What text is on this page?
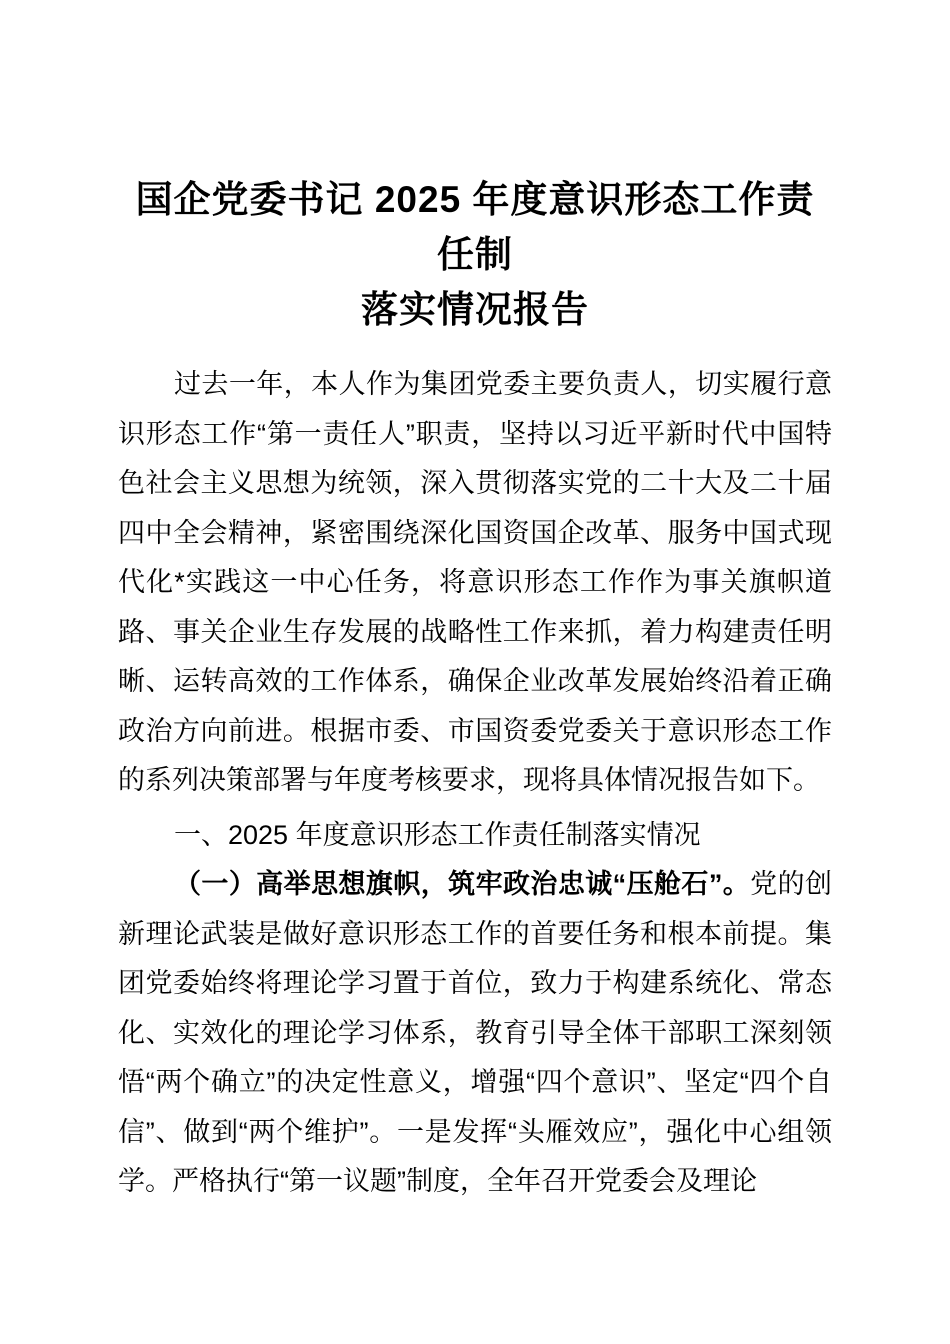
国企党委书记 2025 年度意识形态工作责任制
落实情况报告

过去一年，本人作为集团党委主要负责人，切实履行意识形态工作“第一责任人”职责，坚持以习近平新时代中国特色社会主义思想为统领，深入贯彻落实党的二十大及二十届四中全会精神，紧密围绕深化国资国企改革、服务中国式现代化*实践这一中心任务，将意识形态工作作为事关旗帜道路、事关企业生存发展的战略性工作来抓，着力构建责任明晰、运转高效的工作体系，确保企业改革发展始终沿着正确政治方向前进。根据市委、市国资委党委关于意识形态工作的系列决策部署与年度考核要求，现将具体情况报告如下。

一、2025 年度意识形态工作责任制落实情况

（一）高举思想旗帜，筑牢政治忠诚“压舱石”。党的创新理论武装是做好意识形态工作的首要任务和根本前提。集团党委始终将理论学习置于首位，致力于构建系统化、常态化、实效化的理论学习体系，教育引导全体干部职工深刻领悟“两个确立”的决定性意义，增强“四个意识”、坚定“四个自信”、做到“两个维护”。一是发挥“头雁效应”，强化中心组领学。严格执行“第一议题”制度，全年召开党委会及理论
